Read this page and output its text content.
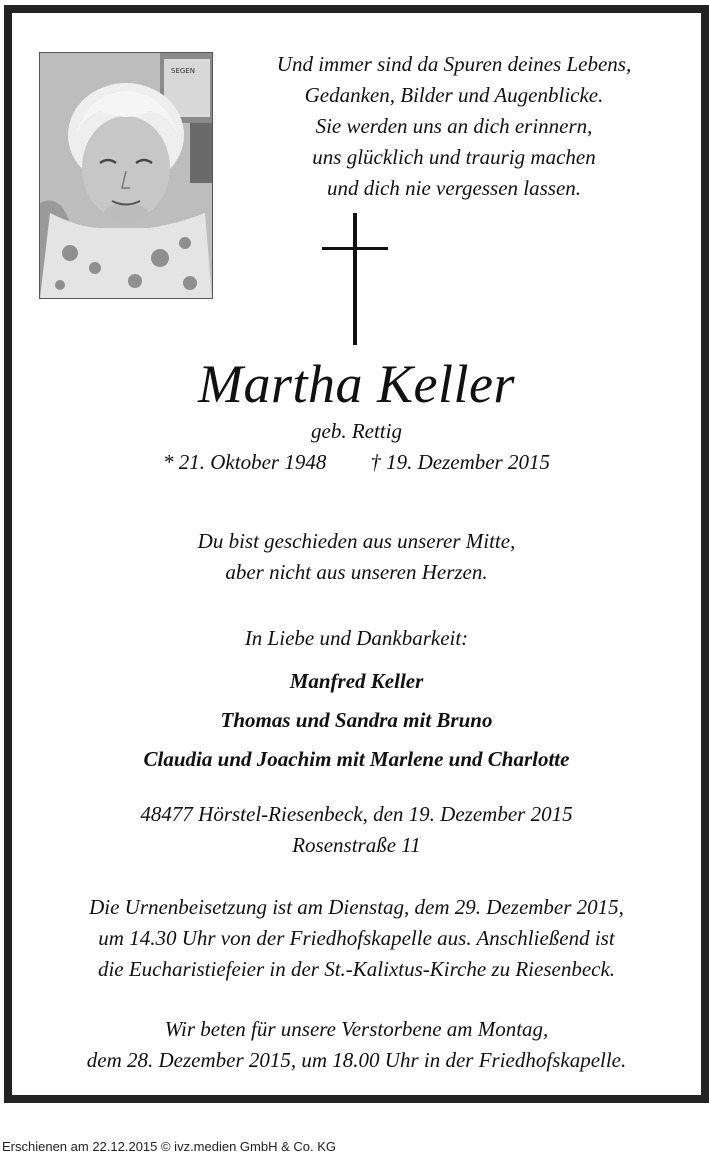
SEGEN	Und immer sind da Spuren deines Lebens,
Gedanken, Bilder und Augenblicke.
Sie werden uns an dich erinnern,
uns glücklich und traurig machen
und dich nie vergessen lassen.
Martha Keller
geb. Rettig
* 21. Oktober 1948 † 19. Dezember 2015
Du bist geschieden aus unserer Mitte,
aber nicht aus unseren Herzen.
In Liebe und Dankbarkeit:
Manfred Keller
Thomas und Sandra mit Bruno
Claudia und Joachim mit Marlene und Charlotte
48477 Hörstel-Riesenbeck, den 19. Dezember 2015
Rosenstraße 11
Die Urnenbeisetzung ist am Dienstag, dem 29. Dezember 2015,
um 14.30 Uhr von der Friedhofskapelle aus. Anschließend ist
die Eucharistiefeier in der St.-Kalixtus-Kirche zu Riesenbeck.
Wir beten für unsere Verstorbene am Montag,
dem 28. Dezember 2015, um 18.00 Uhr in der Friedhofskapelle.
Erschienen am 22.12.2015 © ivz.medien GmbH & Co. KG
